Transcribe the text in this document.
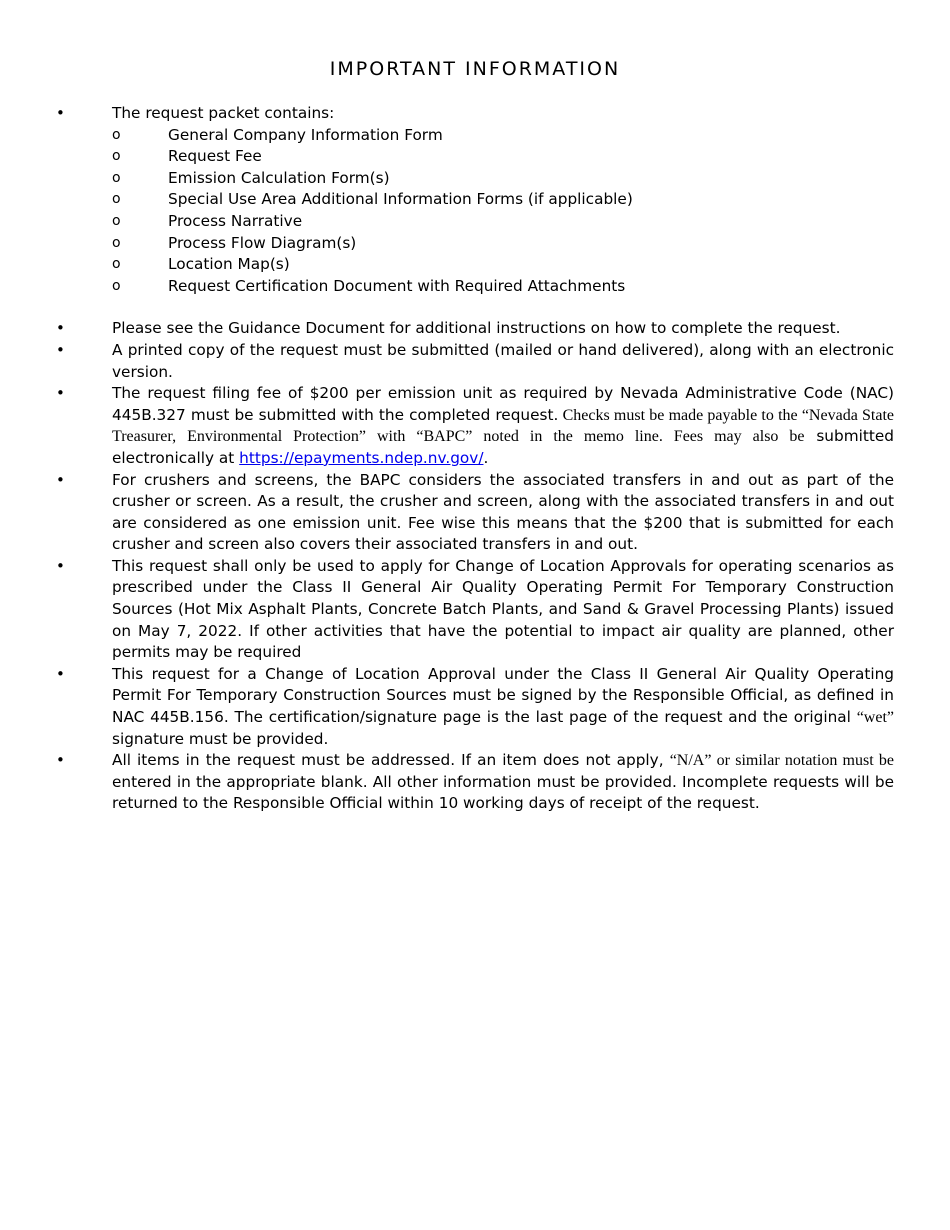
IMPORTANT INFORMATION
•	The request packet contains:
o	General Company Information Form
o	Request Fee
o	Emission Calculation Form(s)
o	Special Use Area Additional Information Forms (if applicable)
o	Process Narrative
o	Process Flow Diagram(s)
o	Location Map(s)
o	Request Certification Document with Required Attachments
•	Please see the Guidance Document for additional instructions on how to complete the request.
•	A printed copy of the request must be submitted (mailed or hand delivered), along with an electronic version.
•	The request filing fee of $200 per emission unit as required by Nevada Administrative Code (NAC) 445B.327 must be submitted with the completed request. Checks must be made payable to the “Nevada State Treasurer, Environmental Protection” with “BAPC” noted in the memo line. Fees may also be submitted electronically at https://epayments.ndep.nv.gov/.
•	For crushers and screens, the BAPC considers the associated transfers in and out as part of the crusher or screen. As a result, the crusher and screen, along with the associated transfers in and out are considered as one emission unit. Fee wise this means that the $200 that is submitted for each crusher and screen also covers their associated transfers in and out.
•	This request shall only be used to apply for Change of Location Approvals for operating scenarios as prescribed under the Class II General Air Quality Operating Permit For Temporary Construction Sources (Hot Mix Asphalt Plants, Concrete Batch Plants, and Sand & Gravel Processing Plants) issued on May 7, 2022. If other activities that have the potential to impact air quality are planned, other permits may be required
•	This request for a Change of Location Approval under the Class II General Air Quality Operating Permit For Temporary Construction Sources must be signed by the Responsible Official, as defined in NAC 445B.156. The certification/signature page is the last page of the request and the original “wet” signature must be provided.
•	All items in the request must be addressed. If an item does not apply, “N/A” or similar notation must be entered in the appropriate blank. All other information must be provided. Incomplete requests will be returned to the Responsible Official within 10 working days of receipt of the request.
